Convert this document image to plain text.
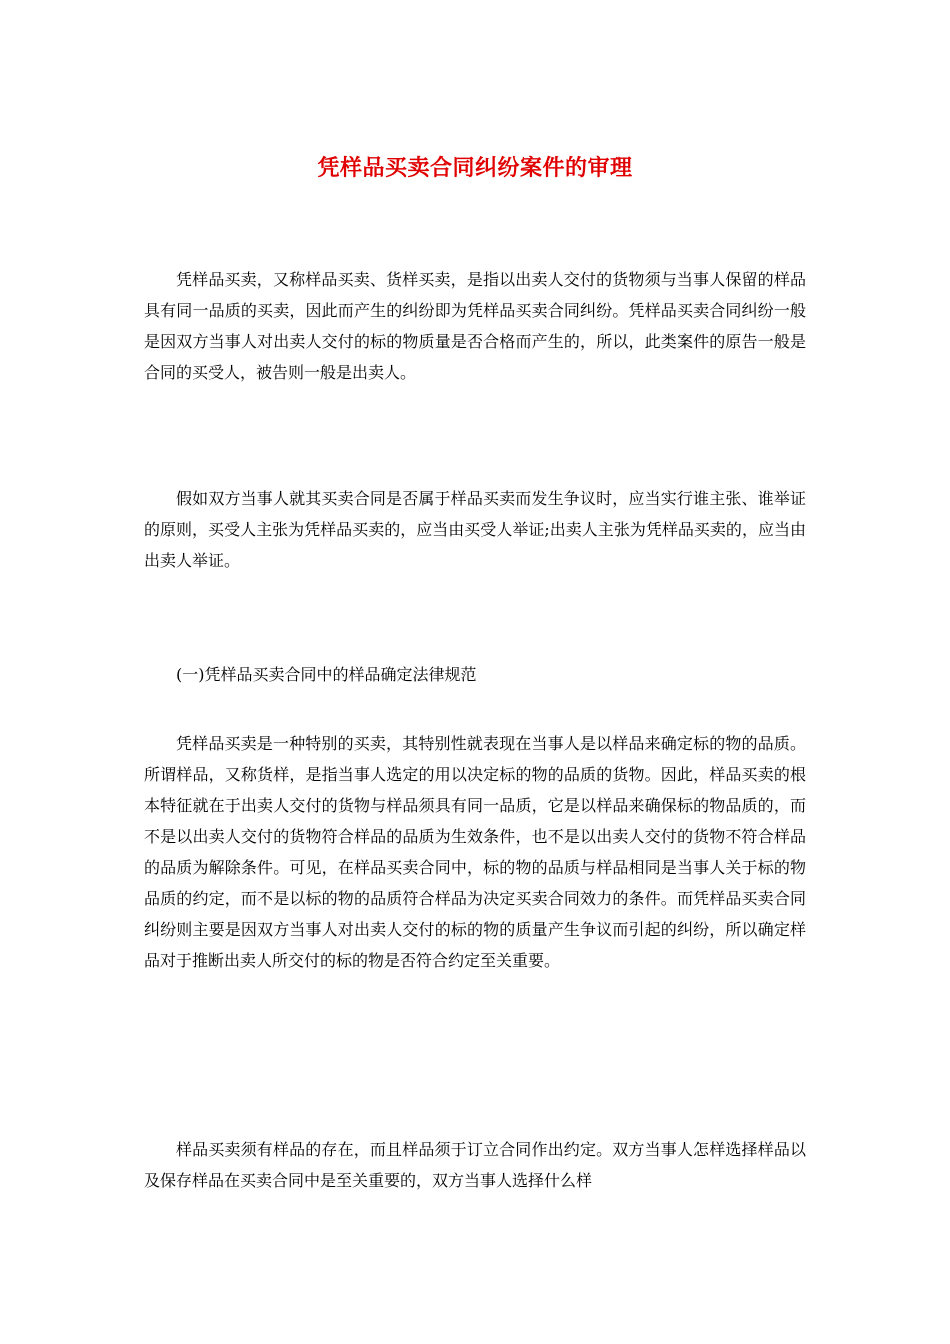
凭样品买卖合同纠纷案件的审理

凭样品买卖，又称样品买卖、货样买卖，是指以出卖人交付的货物须与当事人保留的样品具有同一品质的买卖，因此而产生的纠纷即为凭样品买卖合同纠纷。凭样品买卖合同纠纷一般是因双方当事人对出卖人交付的标的物质量是否合格而产生的，所以，此类案件的原告一般是合同的买受人，被告则一般是出卖人。

假如双方当事人就其买卖合同是否属于样品买卖而发生争议时，应当实行谁主张、谁举证的原则，买受人主张为凭样品买卖的，应当由买受人举证;出卖人主张为凭样品买卖的，应当由出卖人举证。

(一)凭样品买卖合同中的样品确定法律规范

凭样品买卖是一种特别的买卖，其特别性就表现在当事人是以样品来确定标的物的品质。所谓样品，又称货样，是指当事人选定的用以决定标的物的品质的货物。因此，样品买卖的根本特征就在于出卖人交付的货物与样品须具有同一品质，它是以样品来确保标的物品质的，而不是以出卖人交付的货物符合样品的品质为生效条件，也不是以出卖人交付的货物不符合样品的品质为解除条件。可见，在样品买卖合同中，标的物的品质与样品相同是当事人关于标的物品质的约定，而不是以标的物的品质符合样品为决定买卖合同效力的条件。而凭样品买卖合同纠纷则主要是因双方当事人对出卖人交付的标的物的质量产生争议而引起的纠纷，所以确定样品对于推断出卖人所交付的标的物是否符合约定至关重要。

样品买卖须有样品的存在，而且样品须于订立合同作出约定。双方当事人怎样选择样品以及保存样品在买卖合同中是至关重要的，双方当事人选择什么样
